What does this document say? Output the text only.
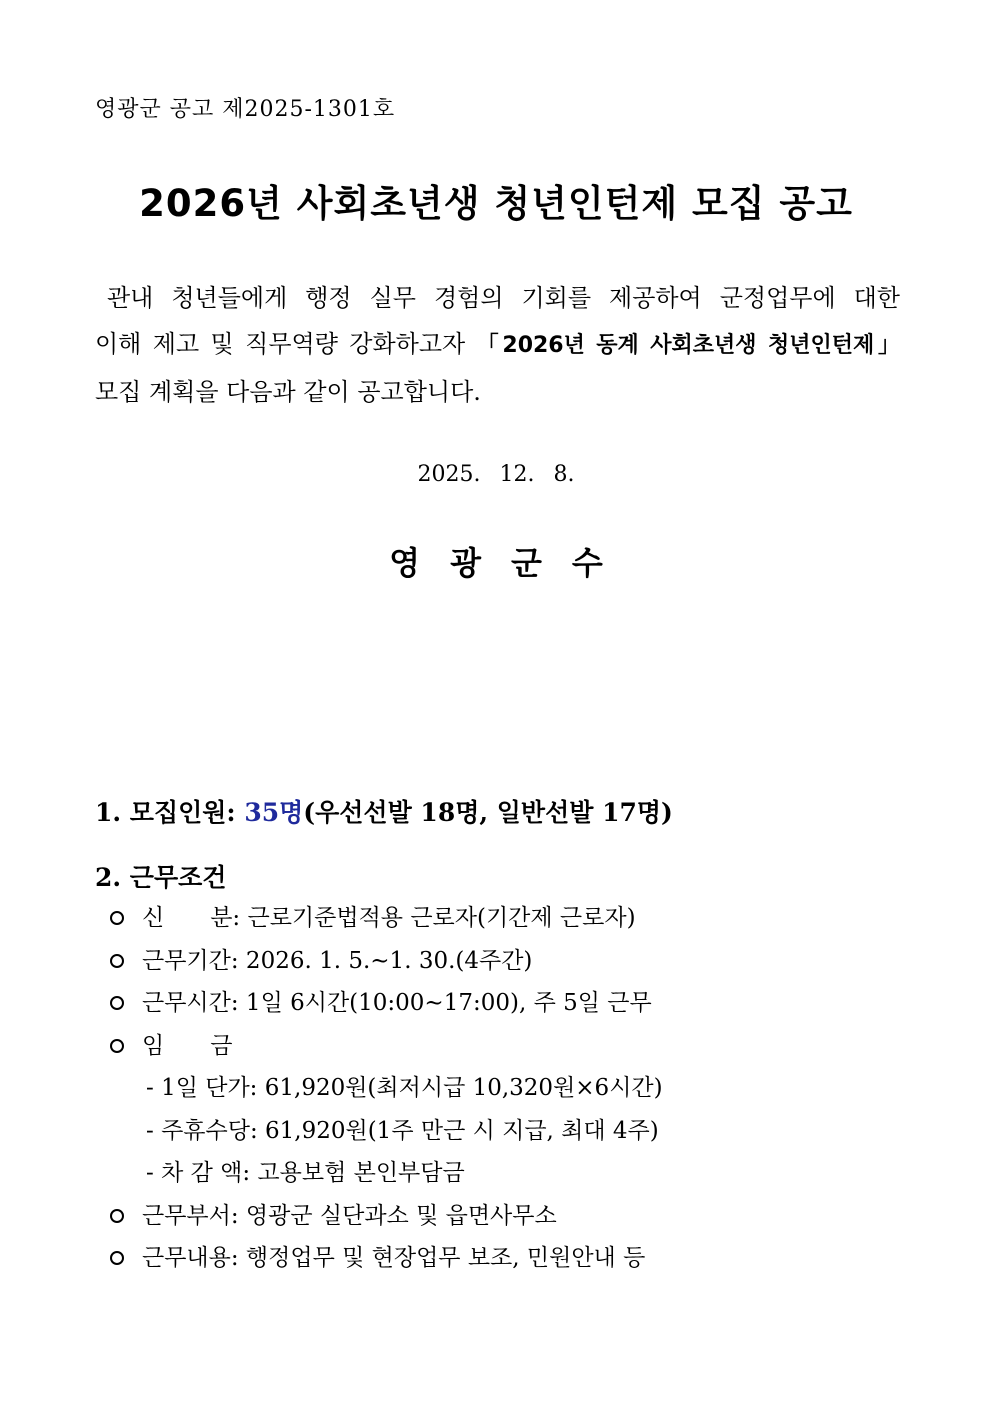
영광군 공고 제2025-1301호
2026년 사회초년생 청년인턴제 모집 공고

관내 청년들에게 행정 실무 경험의 기회를 제공하여 군정업무에 대한

이해 제고 및 직무역량 강화하고자 「2026년 동계 사회초년생 청년인턴제」

모집 계획을 다음과 같이 공고합니다.

2025. 12. 8.
영광군수
1. 모집인원: 35명(우선선발 18명, 일반선발 17명)
2. 근무조건
신　　분: 근로기준법적용 근로자(기간제 근로자)
근무기간: 2026. 1. 5.∼1. 30.(4주간)
근무시간: 1일 6시간(10:00∼17:00), 주 5일 근무
임　　금
- 1일 단가: 61,920원(최저시급 10,320원×6시간)
- 주휴수당: 61,920원(1주 만근 시 지급, 최대 4주)
- 차 감 액: 고용보험 본인부담금
근무부서: 영광군 실단과소 및 읍면사무소
근무내용: 행정업무 및 현장업무 보조, 민원안내 등
